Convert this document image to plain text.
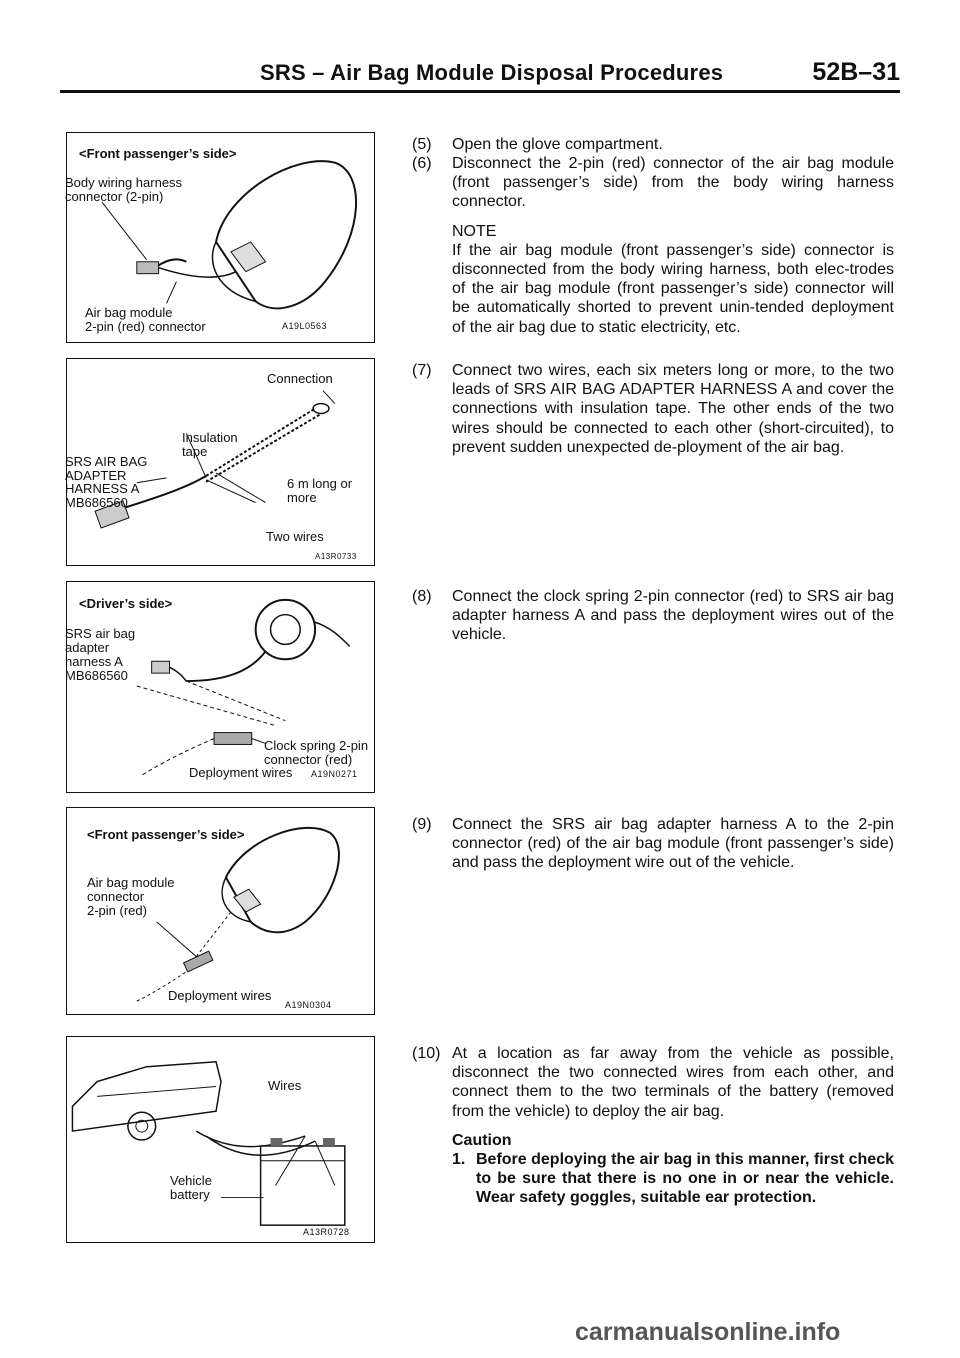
SRS – Air Bag Module Disposal Procedures	52B–31
<Front passenger’s side>
Body wiring harness
connector (2-pin)
Air bag module
2-pin (red) connector	A19L0563
Connection
Insulation
tape
SRS AIR BAG
ADAPTER
HARNESS A
MB686560
6 m long or
more
Two wires
A13R0733
<Driver’s side>
SRS air bag
adapter
harness A
MB686560
Clock spring 2-pin
connector (red)
Deployment wires A19N0271
<Front passenger’s side>
Air bag module
connector
2-pin (red)
Deployment wires
A19N0304
Wires
Vehicle
battery
A13R0728
(5) Open the glove compartment.

(6) Disconnect the 2-pin (red) connector of the air bag module (front passenger’s side) from the body wiring harness connector.

NOTE

If the air bag module (front passenger’s side) connector is disconnected from the body wiring harness, both elec-trodes of the air bag module (front passenger’s side) connector will be automatically shorted to prevent unin-tended deployment of the air bag due to static electricity, etc.

(7) Connect two wires, each six meters long or more, to the two leads of SRS AIR BAG ADAPTER HARNESS A and cover the connections with insulation tape. The other ends of the two wires should be connected to each other (short-circuited), to prevent sudden unexpected de-ployment of the air bag.

(8) Connect the clock spring 2-pin connector (red) to SRS air bag adapter harness A and pass the deployment wires out of the vehicle.

(9) Connect the SRS air bag adapter harness A to the 2-pin connector (red) of the air bag module (front passenger’s side) and pass the deployment wire out of the vehicle.

(10) At a location as far away from the vehicle as possible, disconnect the two connected wires from each other, and connect them to the two terminals of the battery (removed from the vehicle) to deploy the air bag.

Caution
1. Before deploying the air bag in this manner, first check to be sure that there is no one in or near the vehicle. Wear safety goggles, suitable ear protection.
carmanualsonline.info
